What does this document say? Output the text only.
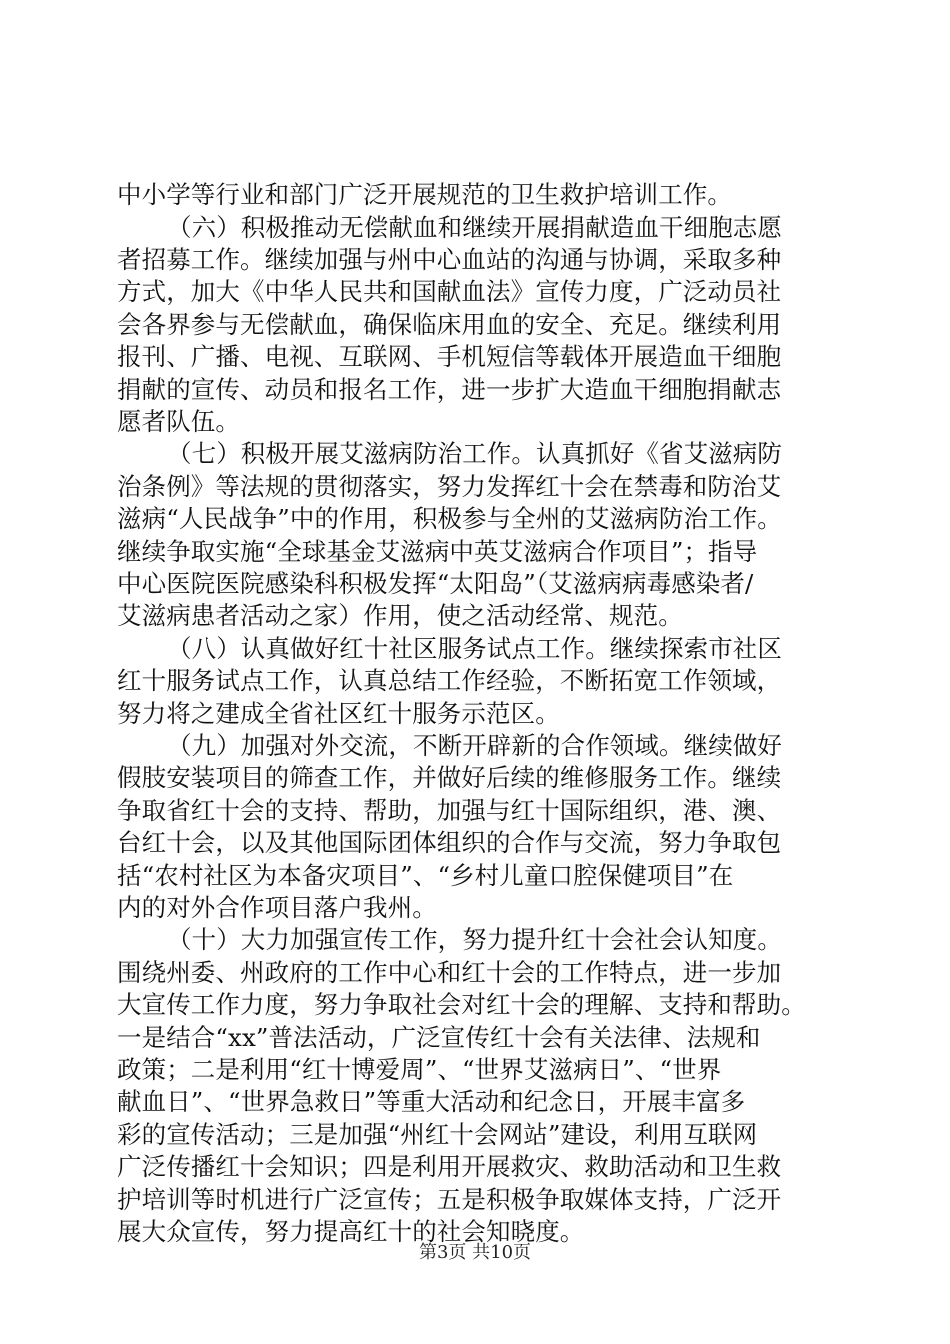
中小学等行业和部门广泛开展规范的卫生救护培训工作。
（六）积极推动无偿献血和继续开展捐献造血干细胞志愿
者招募工作。继续加强与州中心血站的沟通与协调，采取多种
方式，加大《中华人民共和国献血法》宣传力度，广泛动员社
会各界参与无偿献血，确保临床用血的安全、充足。继续利用
报刊、广播、电视、互联网、手机短信等载体开展造血干细胞
捐献的宣传、动员和报名工作，进一步扩大造血干细胞捐献志
愿者队伍。
（七）积极开展艾滋病防治工作。认真抓好《省艾滋病防
治条例》等法规的贯彻落实，努力发挥红十会在禁毒和防治艾
滋病“人民战争”中的作用，积极参与全州的艾滋病防治工作。
继续争取实施“全球基金艾滋病中英艾滋病合作项目”；指导
中心医院医院感染科积极发挥“太阳岛”（艾滋病病毒感染者/
艾滋病患者活动之家）作用，使之活动经常、规范。
（八）认真做好红十社区服务试点工作。继续探索市社区
红十服务试点工作，认真总结工作经验，不断拓宽工作领域，
努力将之建成全省社区红十服务示范区。
（九）加强对外交流，不断开辟新的合作领域。继续做好
假肢安装项目的筛查工作，并做好后续的维修服务工作。继续
争取省红十会的支持、帮助，加强与红十国际组织，港、澳、
台红十会，以及其他国际团体组织的合作与交流，努力争取包
括“农村社区为本备灾项目”、“乡村儿童口腔保健项目”在
内的对外合作项目落户我州。
（十）大力加强宣传工作，努力提升红十会社会认知度。
围绕州委、州政府的工作中心和红十会的工作特点，进一步加
大宣传工作力度，努力争取社会对红十会的理解、支持和帮助。
一是结合“xx”普法活动，广泛宣传红十会有关法律、法规和
政策；二是利用“红十博爱周”、“世界艾滋病日”、“世界
献血日”、“世界急救日”等重大活动和纪念日，开展丰富多
彩的宣传活动；三是加强“州红十会网站”建设，利用互联网
广泛传播红十会知识；四是利用开展救灾、救助活动和卫生救
护培训等时机进行广泛宣传；五是积极争取媒体支持，广泛开
展大众宣传，努力提高红十的社会知晓度。
第3页 共10页
